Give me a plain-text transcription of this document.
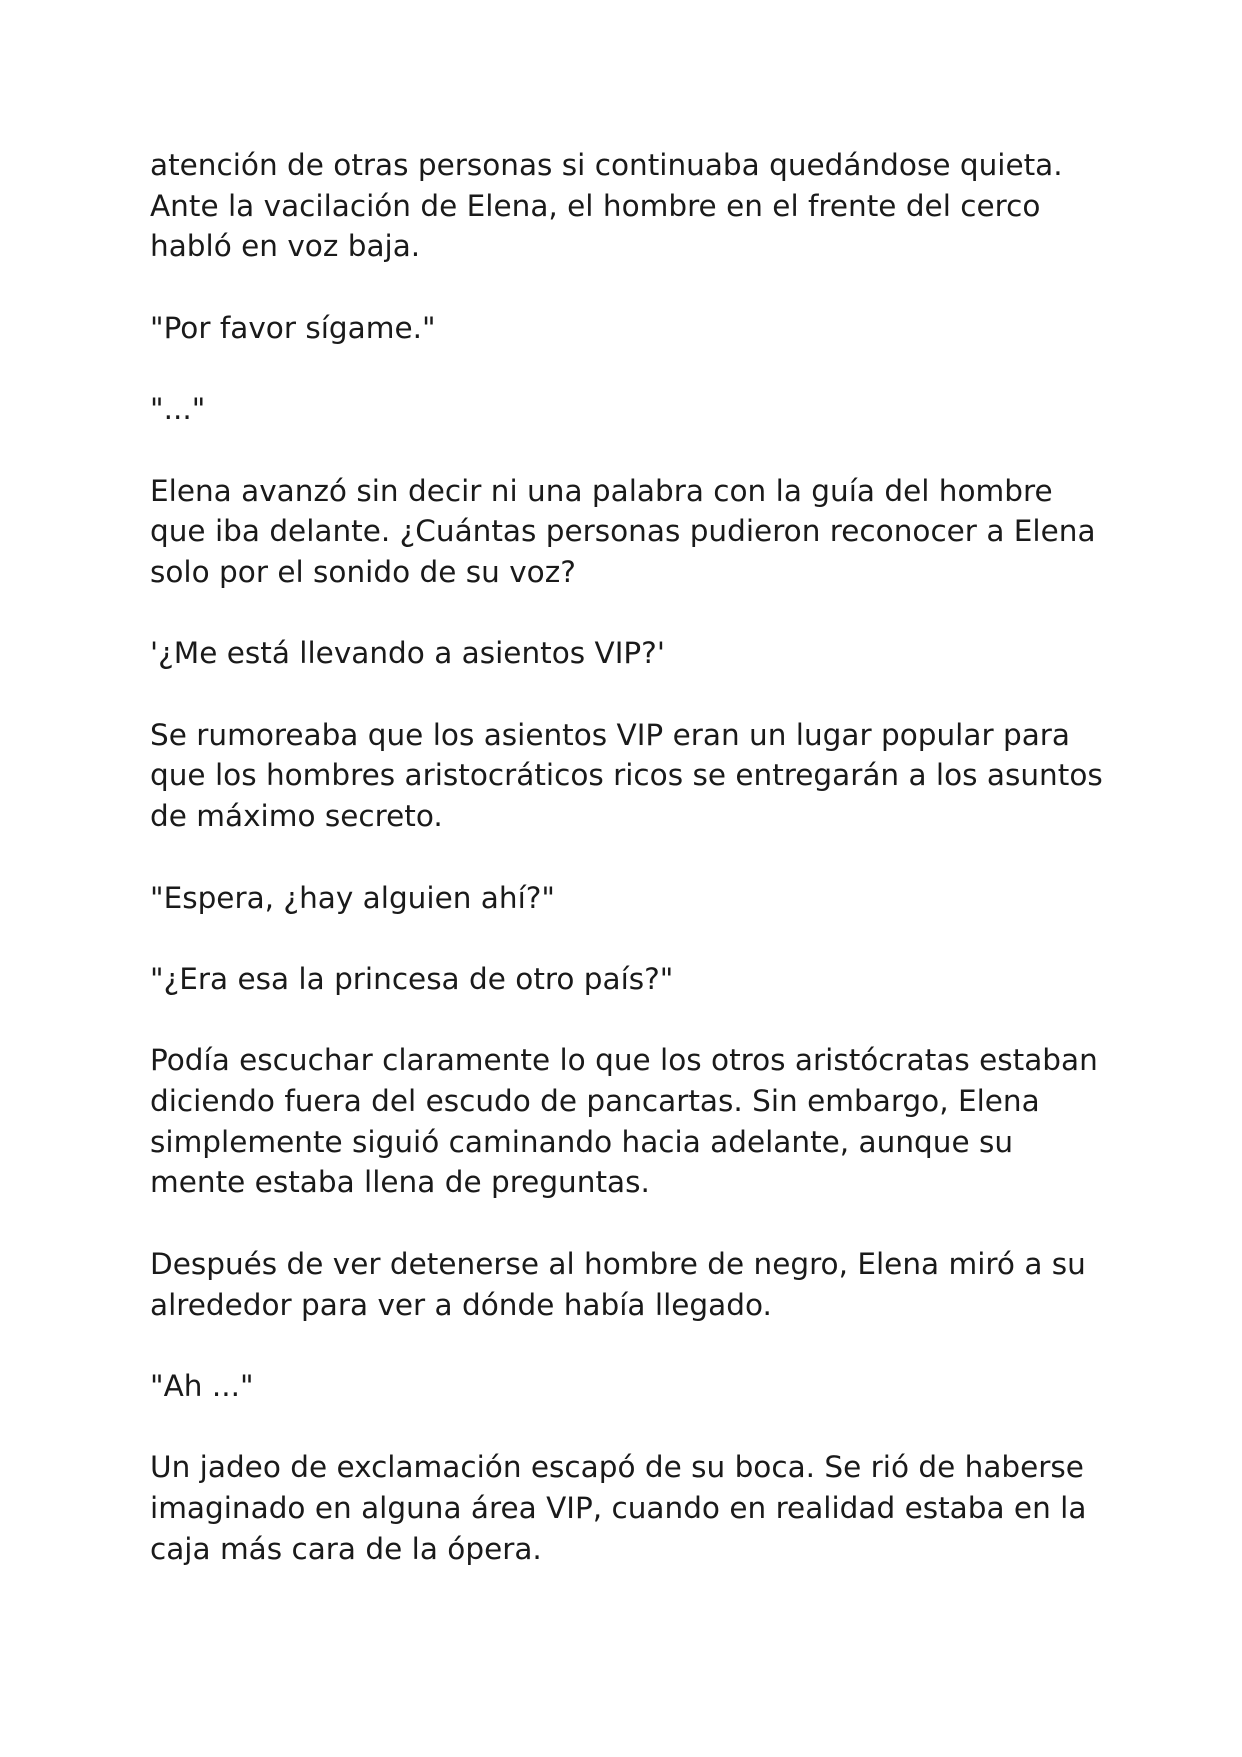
atención de otras personas si continuaba quedándose quieta.
Ante la vacilación de Elena, el hombre en el frente del cerco
habló en voz baja.

"Por favor sígame."

"..."

Elena avanzó sin decir ni una palabra con la guía del hombre
que iba delante. ¿Cuántas personas pudieron reconocer a Elena
solo por el sonido de su voz?

'¿Me está llevando a asientos VIP?'

Se rumoreaba que los asientos VIP eran un lugar popular para
que los hombres aristocráticos ricos se entregarán a los asuntos
de máximo secreto.

"Espera, ¿hay alguien ahí?"

"¿Era esa la princesa de otro país?"

Podía escuchar claramente lo que los otros aristócratas estaban
diciendo fuera del escudo de pancartas. Sin embargo, Elena
simplemente siguió caminando hacia adelante, aunque su
mente estaba llena de preguntas.

Después de ver detenerse al hombre de negro, Elena miró a su
alrededor para ver a dónde había llegado.

"Ah ..."

Un jadeo de exclamación escapó de su boca. Se rió de haberse
imaginado en alguna área VIP, cuando en realidad estaba en la
caja más cara de la ópera.
